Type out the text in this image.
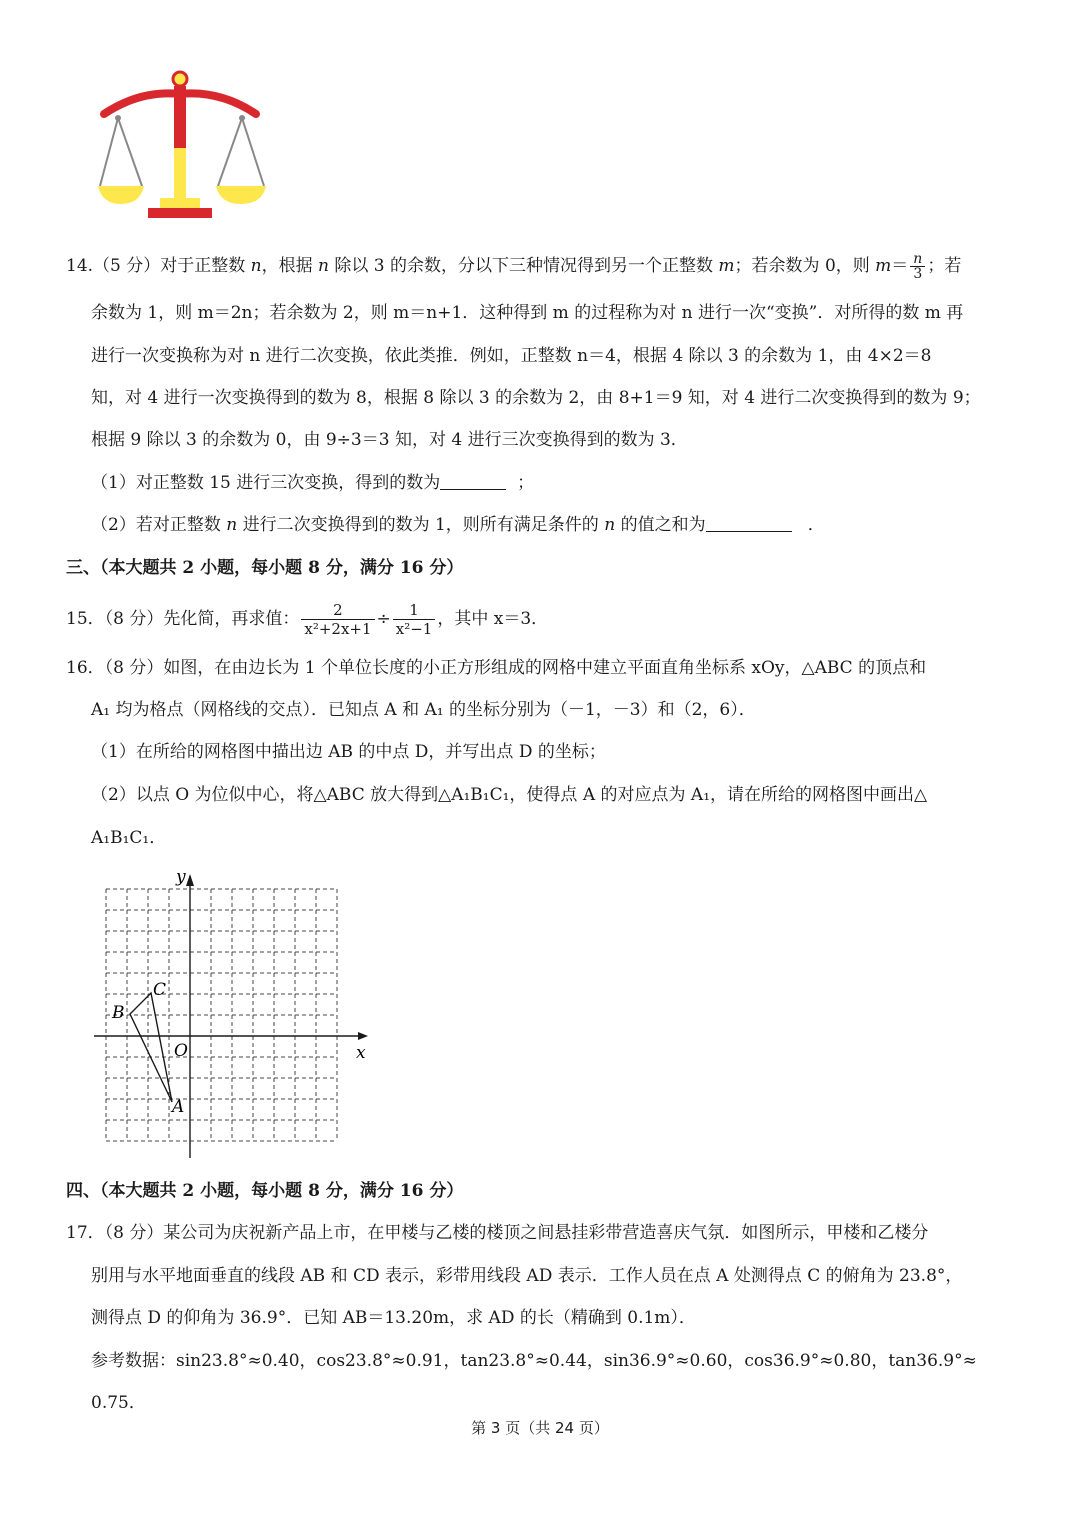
14.（5 分）对于正整数 n，根据 n 除以 3 的余数，分以下三种情况得到另一个正整数 m；若余数为 0，则 $m= \frac{n}{3}$ ；若
余数为 1，则 m＝2n；若余数为 2，则 m＝n+1．这种得到 m 的过程称为对 n 进行一次“变换”．对所得的数 m 再
进行一次变换称为对 n 进行二次变换，依此类推．例如，正整数 n＝4，根据 4 除以 3 的余数为 1，由 4×2＝8
知，对 4 进行一次变换得到的数为 8，根据 8 除以 3 的余数为 2，由 8+1＝9 知，对 4 进行二次变换得到的数为 9；
根据 9 除以 3 的余数为 0，由 9÷3＝3 知，对 4 进行三次变换得到的数为 3．
（1）对正整数 15 进行三次变换，得到的数为	；
（2）若对正整数 n 进行二次变换得到的数为 1，则所有满足条件的 n 的值之和为	．
三、（本大题共 2 小题，每小题 8 分，满分 16 分）
15．（8 分）先化简，再求值： $\frac{2}{\text{x²+2x+1}} \div \frac{1}{\text{x²−1}}$ ，其中 x＝3．
16．（8 分）如图，在由边长为 1 个单位长度的小正方形组成的网格中建立平面直角坐标系 xOy，△ABC 的顶点和
A₁ 均为格点（网格线的交点）．已知点 A 和 A₁ 的坐标分别为（－1，－3）和（2，6）．
（1）在所给的网格图中描出边 AB 的中点 D，并写出点 D 的坐标；
（2）以点 O 为位似中心，将△ABC 放大得到△A₁B₁C₁，使得点 A 的对应点为 A₁，请在所给的网格图中画出△
A₁B₁C₁．
y
x
O
A
B
C
四、（本大题共 2 小题，每小题 8 分，满分 16 分）
17．（8 分）某公司为庆祝新产品上市，在甲楼与乙楼的楼顶之间悬挂彩带营造喜庆气氛．如图所示，甲楼和乙楼分
别用与水平地面垂直的线段 AB 和 CD 表示，彩带用线段 AD 表示．工作人员在点 A 处测得点 C 的俯角为 23.8°，
测得点 D 的仰角为 36.9°．已知 AB＝13.20m，求 AD 的长（精确到 0.1m）．
参考数据：sin23.8°≈0.40，cos23.8°≈0.91，tan23.8°≈0.44，sin36.9°≈0.60，cos36.9°≈0.80，tan36.9°≈
0.75．
第 3 页（共 24 页）
